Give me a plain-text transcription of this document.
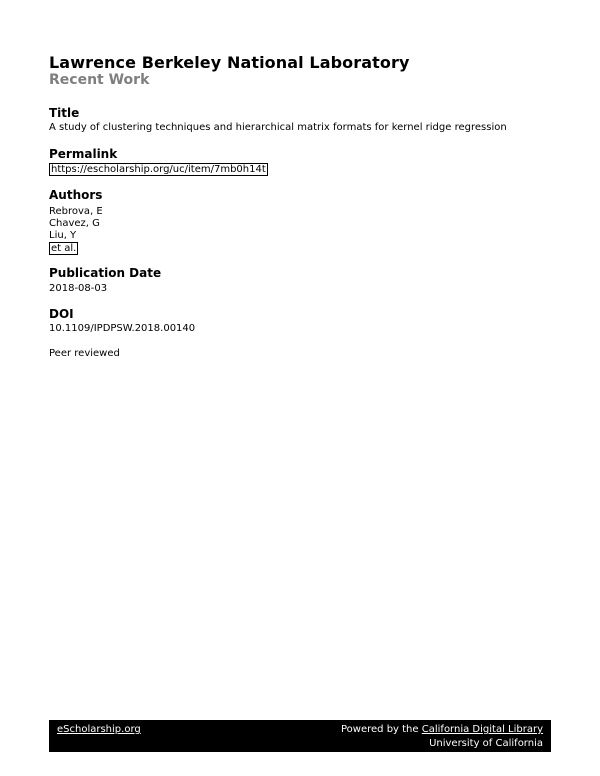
Lawrence Berkeley National Laboratory
Recent Work
Title
A study of clustering techniques and hierarchical matrix formats for kernel ridge regression
Permalink
https://escholarship.org/uc/item/7mb0h14t
Authors
Rebrova, E
Chavez, G
Liu, Y
et al.
Publication Date
2018-08-03
DOI
10.1109/IPDPSW.2018.00140
Peer reviewed
eScholarship.org	Powered by the California Digital Library
University of California
